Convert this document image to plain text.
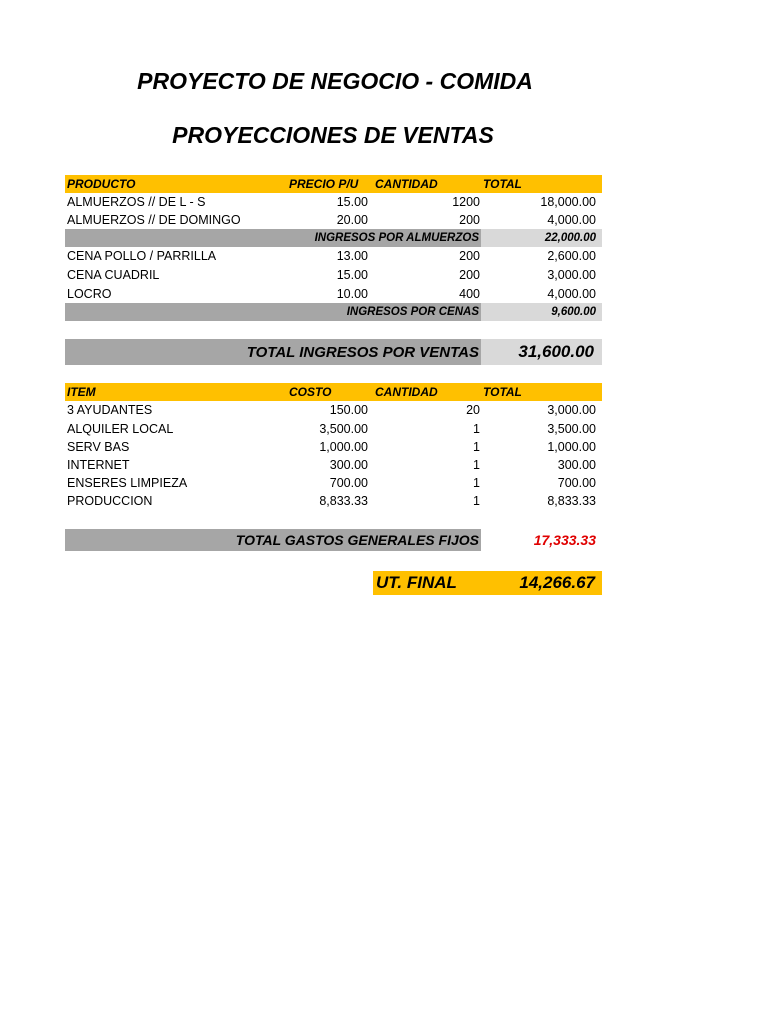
PROYECTO DE NEGOCIO - COMIDA
PROYECCIONES DE VENTAS
PRODUCTO	PRECIO P/U CANTIDAD	TOTAL
ALMUERZOS // DE L - S	15.00	1200	18,000.00
ALMUERZOS // DE DOMINGO	20.00	200	4,000.00
INGRESOS POR ALMUERZOS	22,000.00
CENA POLLO / PARRILLA	13.00	200	2,600.00
CENA CUADRIL	15.00	200	3,000.00
LOCRO	10.00	400	4,000.00
INGRESOS POR CENAS	9,600.00
TOTAL INGRESOS POR VENTAS 31,600.00
ITEM	COSTO	CANTIDAD	TOTAL
3 AYUDANTES	150.00	20	3,000.00
ALQUILER LOCAL	3,500.00	1	3,500.00
SERV BAS	1,000.00	1	1,000.00
INTERNET	300.00	1	300.00
ENSERES LIMPIEZA	700.00	1	700.00
PRODUCCION	8,833.33	1	8,833.33
TOTAL GASTOS GENERALES FIJOS	17,333.33
UT. FINAL	14,266.67
